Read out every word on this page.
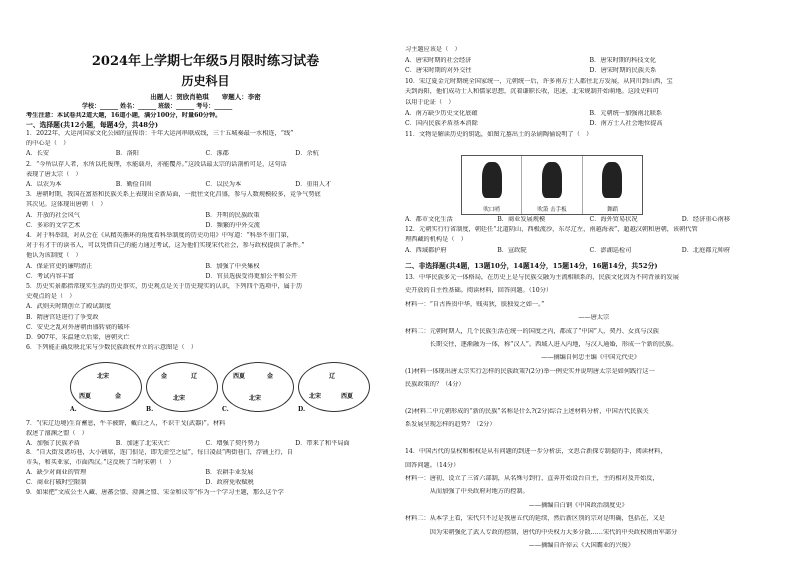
2024年上学期七年级5月限时练习试卷
历史科目
出题人：贺欣肖艳琪　　审题人：李密
学校：______ 姓名：______ 班级：______ 考号：______
考生注意：本试卷共2道大题，16道小题，满分100分，时量60分钟。
一、选择题(共12小题，每题4分，共48分)
1．2022年，大运河国家文化公园的宣传语：千年大运河串联成线，三十五城奏最一水相连，“线”
的中心是（　）
A．长安	B．洛阳	C．涿郡	D．余杭
2．“今所以存人者，水所以托废理，水能载舟，亦能覆舟。”这段话最太宗的话剖析可是，这句话
表现了唐太宗（　）
A．以农为本	B．勤俭自固	C．以民为本	D．重用人才
3．唐朝时期，我国在富基和民族关系上表现出全新局面，一批往文化昌盛，参与人数规模较多，竞争气势底
其次见。这体现出唐朝（　）
A．开放的社会风气	B．开明的民族政策
C．多彩的文学艺术	D．频繁的中外交流
4．对于科举制，对从会在《从精英循环的角度看科举制度的历史功用》中写道：“科举不重门第，
对于有才干的读书人，可以凭借自己的能力通过考试，这为他们实现宋代社会，参与政权提供了条件。”
他认为该制度（　）
A．保证官吏的廉明清正	B．加强了中央集权
C．考试内容丰富	D．官员选拔受得更加公平和公开
5．历史实景都指常现实生活的历史事实，历史观点是关于历史现实的认识，下列四个选项中，属于历
史观点的是（　）
A．武则天时期创立了殿试制度
B．隋唐宫廷进行了争变政
C．安史之乱对外唐朝由盛转衰的破坏
D．907年，朱温建立后梁，唐朝灭亡
6．下列能正确反映北宋与少数民族政权并立的示意图是（　）
北宋
西夏	金
A.
金	辽
北宋
B.
西夏	金
北宋
C.
辽
北宋	西夏
D.
7．“(宋辽边境)生育蓄息，牛羊被野，戴白之人，不识干戈(武器)”。材料
叙述了澶渊之盟（　）
A．加强了民族矛盾	B．加速了北宋灭亡	C．增强了契丹势力	D．带来了和平局面
8．“自大街及诸坊巷，大小铺席，连门俱是，即无虚空之屋”，每日凌晨“两街巷门，浮铺上行，自
市头，和买亚家，市面西汉。”这反映了当时宋朝（　）
A．缺少对商业的管理	B．农耕手业发展
C．商业打破时空限制	D．政府免收赋税
9．如果把“文成公主入藏、唐蕃会盟、澄渊之盟、宋金和议等”作为一个学习主题，那么这个学
习主题应该是（　）
A．唐宋时期的社会经济	B．唐宋时期的科技文化
C．唐宋时期的对外交往	D．唐宋时期的民族关系
10．宋辽夏金元时期统全国家统一，元朝统一后，许多南方士人都往北方发展，从同川到山西，宝
天到海阳，他们成功士人和儒家思想，沉着谦职长收，迅速，北宋规制开始萌地。这段史料可
以用于论证（　）
A．南方缺少历史文化底蕴	B．元朝统一加强南北联系
C．国内民族矛盾基本消除	D．南方士人社会地位提高
11．文物是解读历史的钥匙，如图元墓出土的杂剧陶俑说明了（　）
吹口哨	吹箫 击手板	舞蹈
A．都市文化生活	B．商业发展规模	C．海外贸易状况	D．经济重心南移
12．元朝实行行省制度，朝廷任“北道阴山，西极流沙，东尽辽左，南越海表”，超越汉朝和唐朝，该朝代管
理西藏的机构是（　）
A．西域都护府	B．宣政院	C．澎湖巡检司	D．北庭都元帅府
二、非选择题(共4题，13题10分，14题14分，15题14分，16题14分，共52分)
13．中华民族多元一体格局，在历史上是与民族交融为主流相联系的，民族文化因为不同背景的发展
史开放的自主性基础。阅读材料，回答问题。（10分）
材料一：“自古皆贵中华，贱夷狄，朕独爱之如一。”
　　　　　　　　　　　　　　　　　　　　　　　　　　　　——唐太宗
材料二：元朝时期人，几个民族生活在统一的国度之内，都成了“中国”人，契丹、女真与汉族
　　　　长期交往，逐渐融为一体，称“汉人”。西域人进入内地，与汉人通婚，形成一个新的民族。
　　　　　　　　　　　　　　　　　　　　　　——摘编自何忠主编《中国元代史》
(1)材料一体现出唐太宗实行怎样的民族政策?(2分)举一例史实并说明唐太宗是如何践行这一
民族政策的？（4分）
(2)材料二中元朝形成的“新的民族”名称是什么?(2分)综合上述材料分析，中国古代民族关
系发展呈现怎样的趋势？（2分）
14．中国古代的皇权和相权是从有问题的到进一步分析法，文思合新探专制提的手，阅读材料，
回答问题。（14分）
材料一：唐初，设立了三省六部制，从名殊号到行，直奔开始设台自主，主的相对及开始反，
　　　　从而加强了中央政府对地方的控制。
　　　　　　　　　　　　　　　　　　　　——摘编自白钢《中国政治制度史》
材料二：从本学上看，宋代只不过是我唐五代的延续，然后新区别的宗对是明确，包括在，又是
　　　　因为宋朝强化了武人专政的控制，唐代的中央权力大多分散……宋代的中央政权则由军部分
　　　　　　　　　　　　　　　　　　　　——摘编自许倬云《大国霸业的兴废》
